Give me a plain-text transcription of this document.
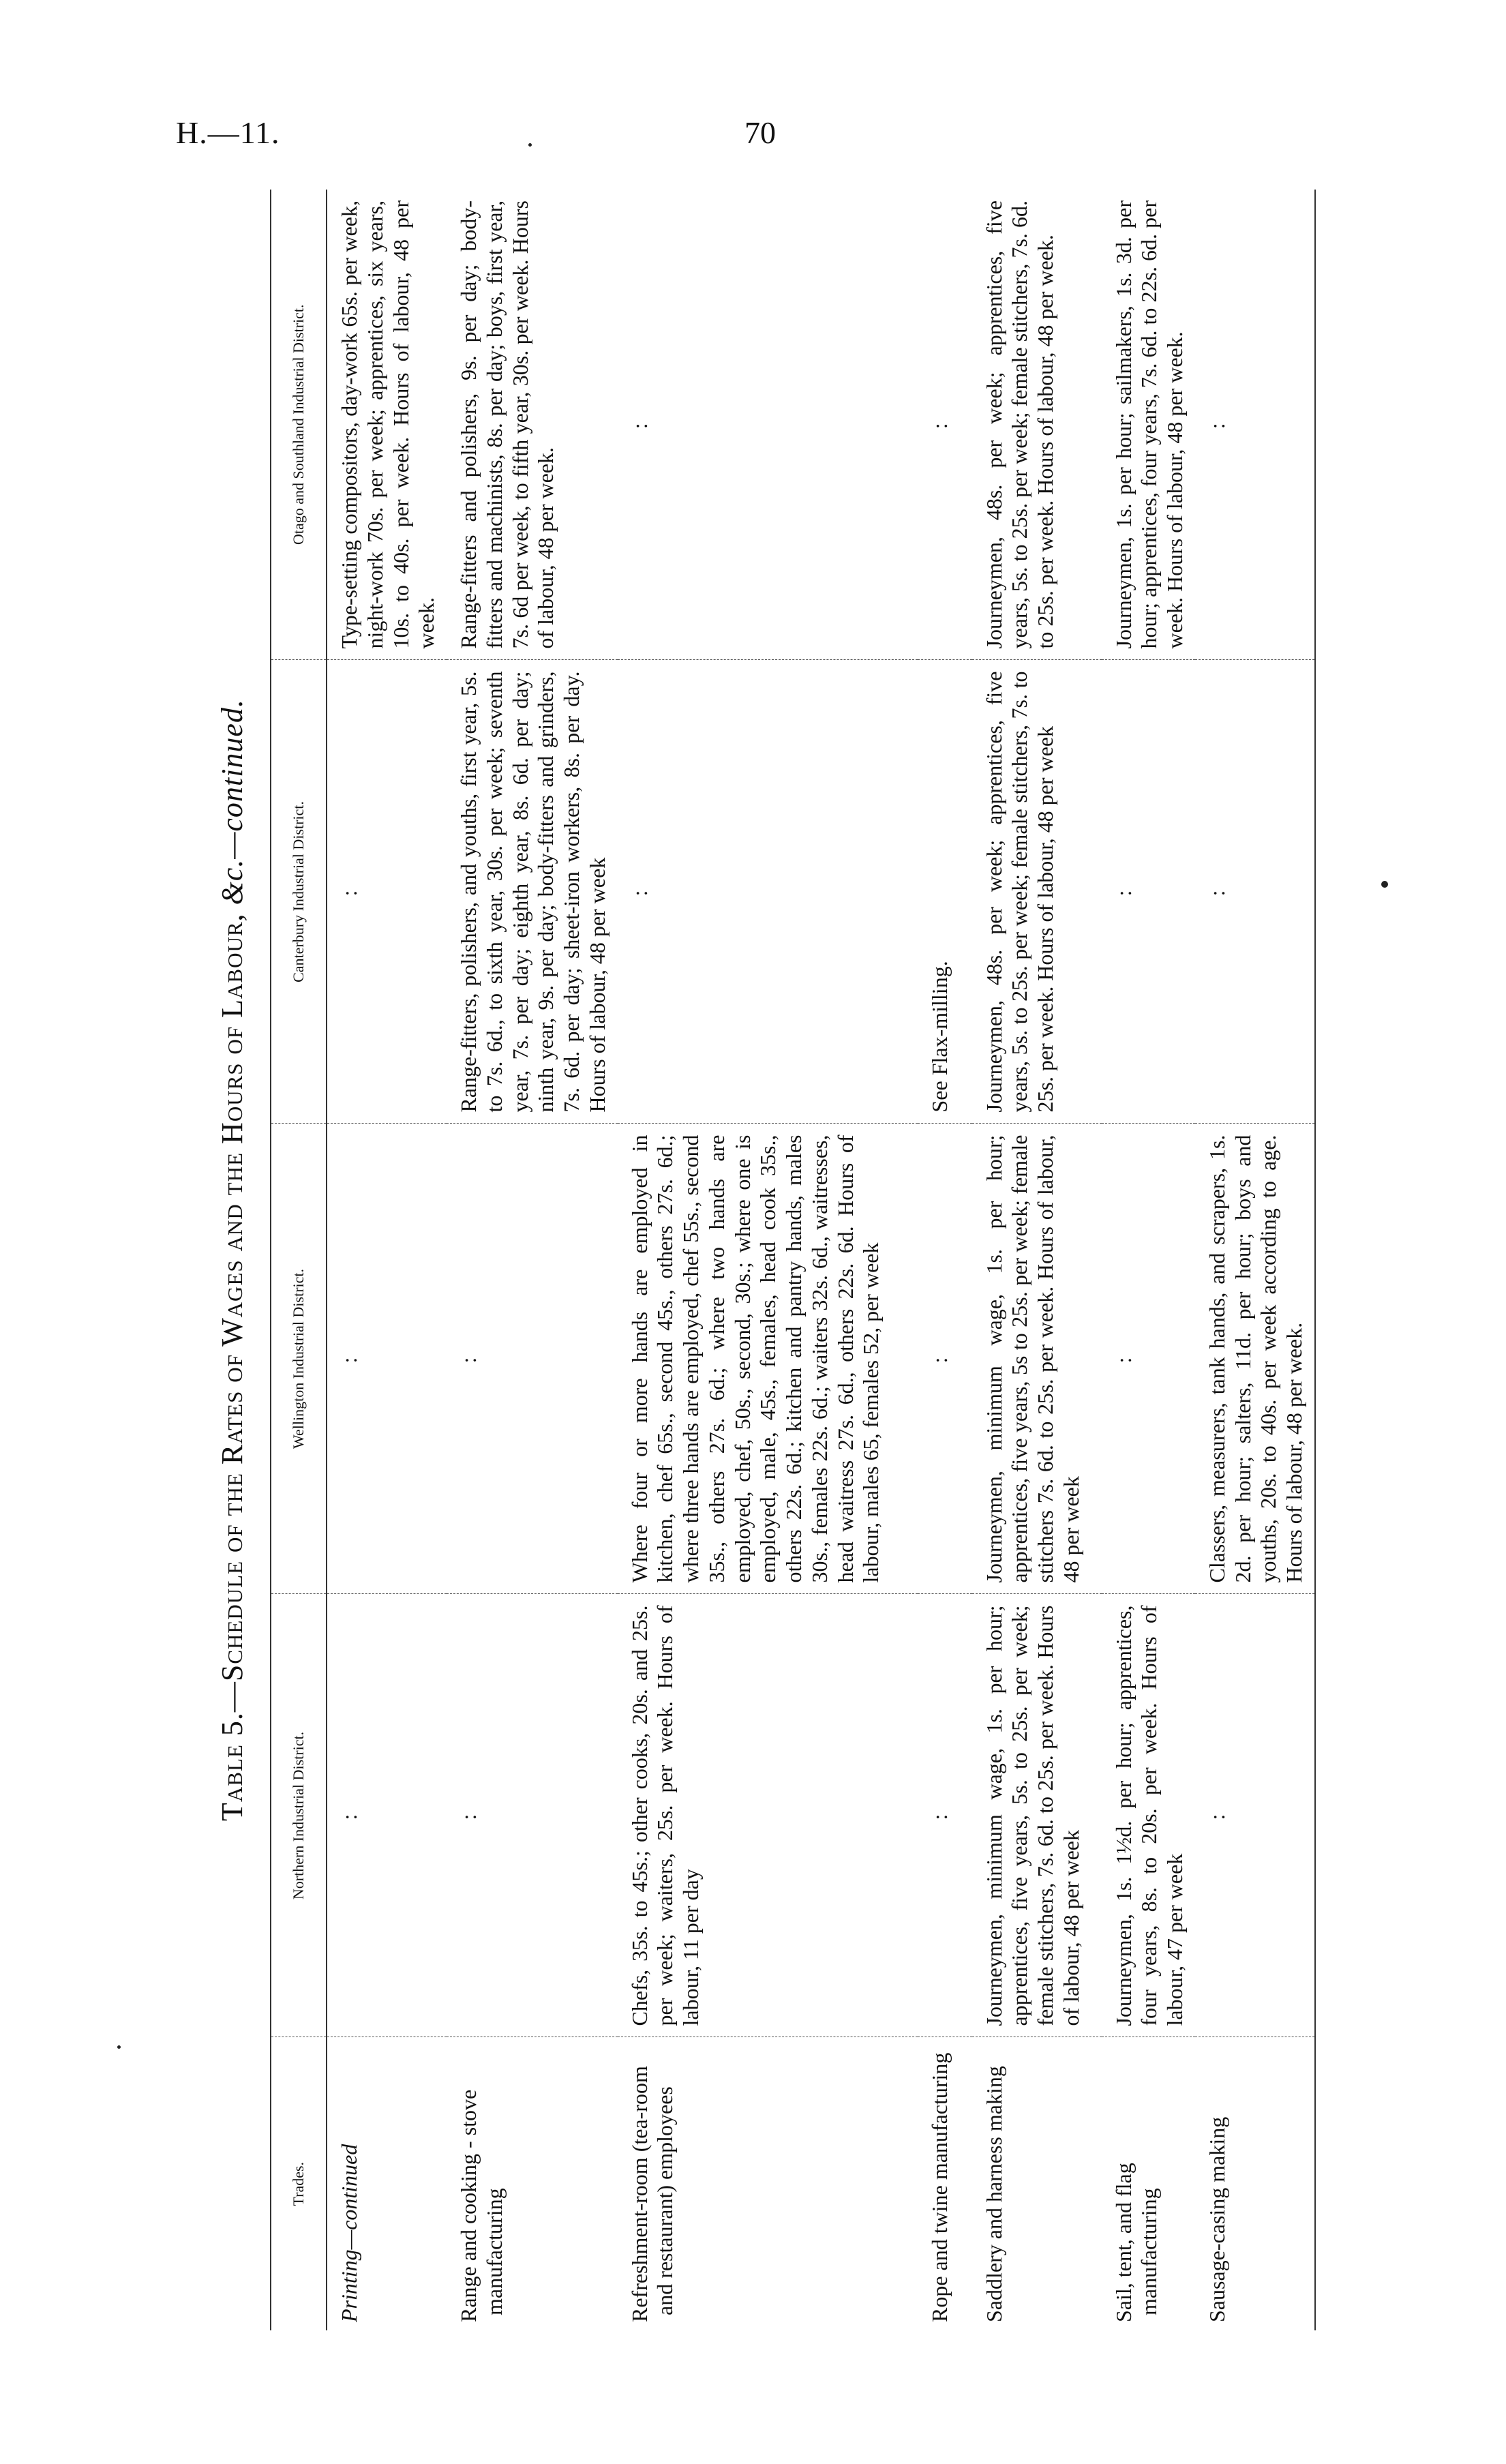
H.—11.	70
Table 5.—Schedule of the Rates of Wages and the Hours of Labour, &c.—continued.
Trades.	Northern Industrial District.	Wellington Industrial District.	Canterbury Industrial District.	Otago and Southland Industrial District.
Printing—continued	:	:	:	Type-setting compositors, day-work 65s. per week, night-work 70s. per week; apprentices, six years, 10s. to 40s. per week. Hours of labour, 48 per week.
Range and cooking - stove manufacturing	:	:	Range-fitters, polishers, and youths, first year, 5s. to 7s. 6d., to sixth year, 30s. per week; seventh year, 7s. per day; eighth year, 8s. 6d. per day; ninth year, 9s. per day; body-fitters and grinders, 7s. 6d. per day; sheet-iron workers, 8s. per day. Hours of labour, 48 per week	Range-fitters and polishers, 9s. per day; body-fitters and machinists, 8s. per day; boys, first year, 7s. 6d per week, to fifth year, 30s. per week. Hours of labour, 48 per week.
Refreshment-room (tea-room and restaurant) employees	Chefs, 35s. to 45s.; other cooks, 20s. and 25s. per week; waiters, 25s. per week. Hours of labour, 11 per day	Where four or more hands are employed in kitchen, chef 65s., second 45s., others 27s. 6d.; where three hands are employed, chef 55s., second 35s., others 27s. 6d.; where two hands are employed, chef, 50s., second, 30s.; where one is employed, male, 45s., females, head cook 35s., others 22s. 6d.; kitchen and pantry hands, males 30s., females 22s. 6d.; waiters 32s. 6d., waitresses, head waitress 27s. 6d., others 22s. 6d. Hours of labour, males 65, females 52, per week	:	:
Rope and twine manufacturing	:	:	See Flax-milling.	:
Saddlery and harness making	Journeymen, minimum wage, 1s. per hour; apprentices, five years, 5s. to 25s. per week; female stitchers, 7s. 6d. to 25s. per week. Hours of labour, 48 per week	Journeymen, minimum wage, 1s. per hour; apprentices, five years, 5s to 25s. per week; female stitchers 7s. 6d. to 25s. per week. Hours of labour, 48 per week	Journeymen, 48s. per week; apprentices, five years, 5s. to 25s. per week; female stitchers, 7s. to 25s. per week. Hours of labour, 48 per week	Journeymen, 48s. per week; apprentices, five years, 5s. to 25s. per week; female stitchers, 7s. 6d. to 25s. per week. Hours of labour, 48 per week.
Sail, tent, and flag manufacturing	Journeymen, 1s. 1½d. per hour; apprentices, four years, 8s. to 20s. per week. Hours of labour, 47 per week	:	:	Journeymen, 1s. per hour; sailmakers, 1s. 3d. per hour; apprentices, four years, 7s. 6d. to 22s. 6d. per week. Hours of labour, 48 per week.
Sausage-casing making	:	Classers, measurers, tank hands, and scrapers, 1s. 2d. per hour; salters, 11d. per hour; boys and youths, 20s. to 40s. per week according to age. Hours of labour, 48 per week.	:	:
